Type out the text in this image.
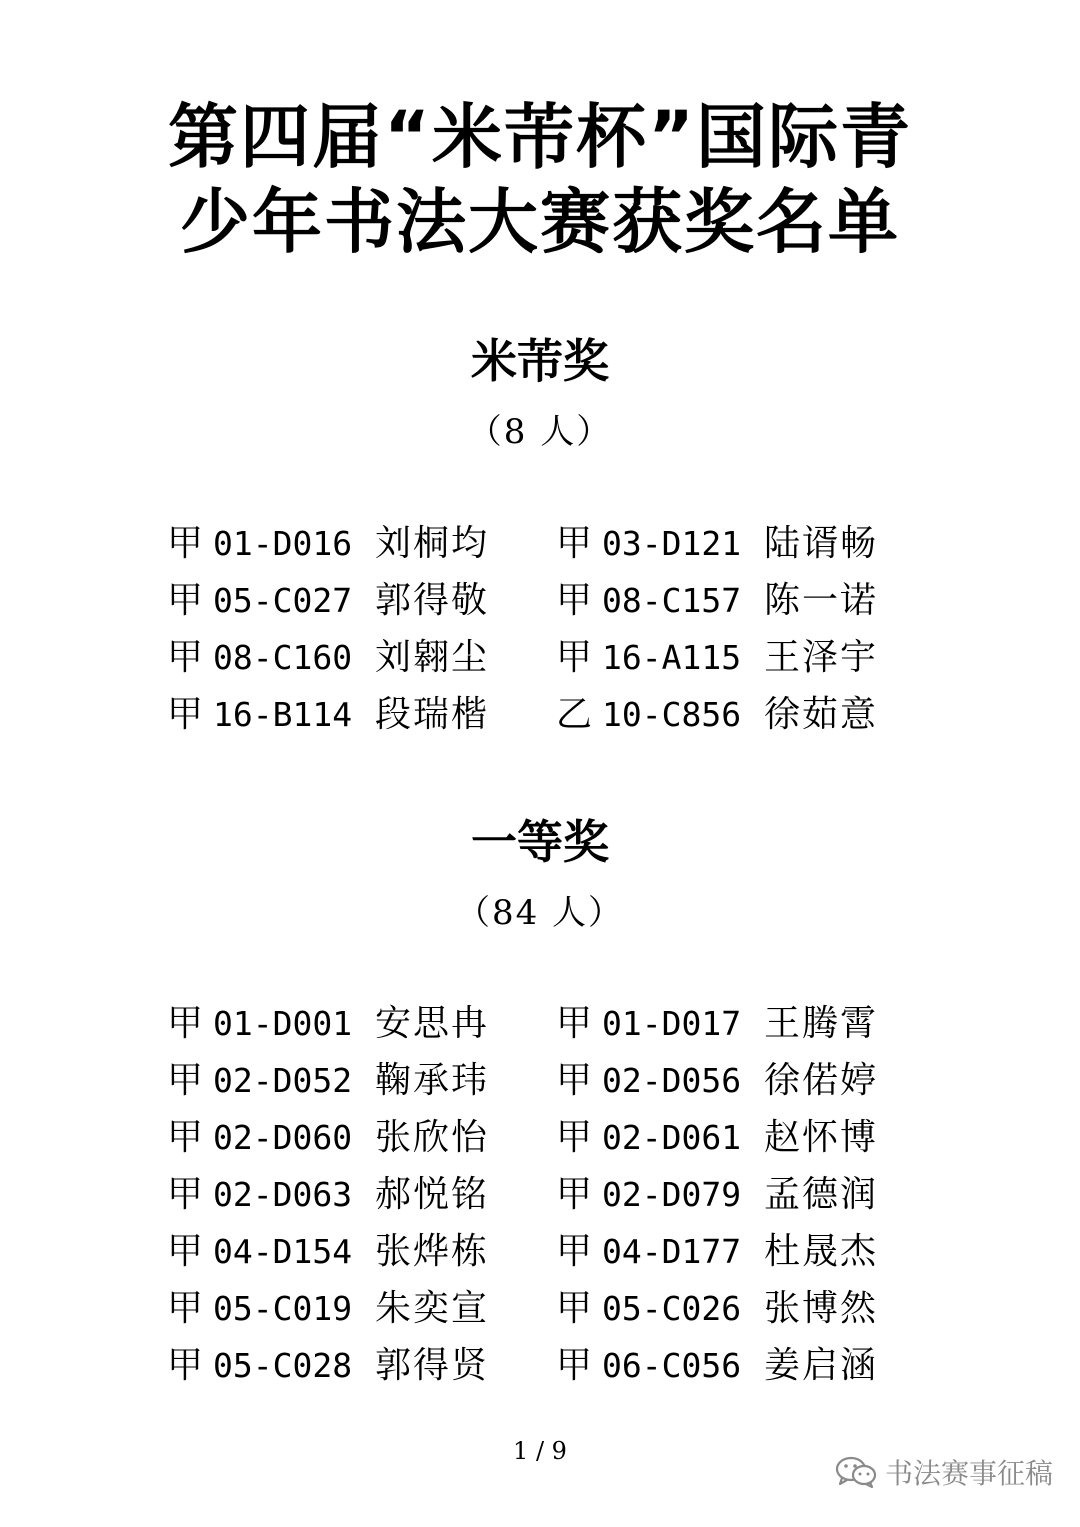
第四届“米芾杯”国际青
少年书法大赛获奖名单
米芾奖
（8 人）
甲 01-D016 刘桐均 甲 03-D121 陆谞畅
甲 05-C027 郭得敬 甲 08-C157 陈一诺
甲 08-C160 刘翱尘 甲 16-A115 王泽宇
甲 16-B114 段瑞楷 乙 10-C856 徐茹意
一等奖
（84 人）
甲 01-D001 安思冉 甲 01-D017 王腾霄
甲 02-D052 鞠承玮 甲 02-D056 徐偌婷
甲 02-D060 张欣怡 甲 02-D061 赵怀博
甲 02-D063 郝悦铭 甲 02-D079 孟德润
甲 04-D154 张烨栋 甲 04-D177 杜晟杰
甲 05-C019 朱奕宣 甲 05-C026 张博然
甲 05-C028 郭得贤 甲 06-C056 姜启涵
1 / 9
书法赛事征稿
